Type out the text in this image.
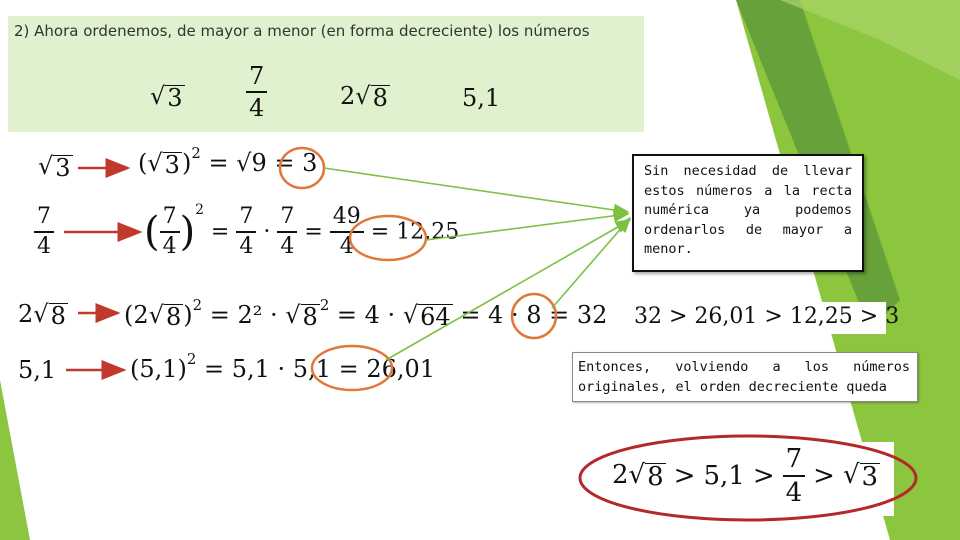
2) Ahora ordenemos, de mayor a menor (en forma decreciente) los números
√ 3	$\frac{7}{4}$	2 √ 8	5,1
√ 3	( √ 3 )$^2$ = √9 = 3
$\frac{7}{4}$ ( $\frac{7}{4} )^2 = \frac{7}{4} \cdot \frac{7}{4} = \frac{49}{4} = 12,25$
2 √ 8 (2 √ 8 )$^2$ = 2² · √ 8 $^2$ = 4 · √ 64 = 4 · 8 = 32
5,1	$(5,1)^2 = 5,1 \cdot 5,1 = 26,01$
Sin necesidad de llevar estos números a la recta numérica ya podemos ordenarlos de mayor a menor.
32 > 26,01 > 12,25 > 3
Entonces, volviendo a los números originales, el orden decreciente queda
2 √ $8 > 5,1 > \frac{7}{4}$ > √ 3
